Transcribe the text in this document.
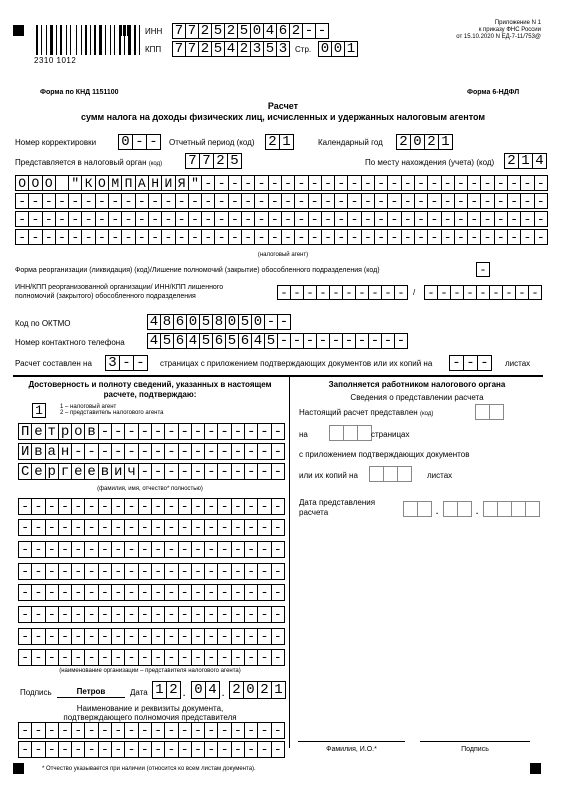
2310 1012
ИНН 7 7 2 5 2 5 0 4 6 2 - -
КПП 7 7 2 5 4 2 3 5 3 Стр. 0 0 1
Приложение N 1
к приказу ФНС России
от 15.10.2020 N ЕД-7-11/753@
Форма по КНД 1151100	Форма 6-НДФЛ
Расчет
сумм налога на доходы физических лиц, исчисленных и удержанных налоговым агентом
Номер корректировки 0 - -	Отчетный период (код) 2 1	Календарный год 2 0 2 1
Представляется в налоговый орган (код) 7 7 2 5	По месту нахождения (учета) (код) 2 1 4
О О О " К О М П А Н И Я " - - - - - - - - - - - - - - - - - - - - - - - - - -
- - - - - - - - - - - - - - - - - - - - - - - - - - - - - - - - - - - - - - - -
- - - - - - - - - - - - - - - - - - - - - - - - - - - - - - - - - - - - - - - -
- - - - - - - - - - - - - - - - - - - - - - - - - - - - - - - - - - - - - - - -
(налоговый агент)
Форма реорганизации (ликвидация) (код)/Лишение полномочий (закрытие) обособленного подразделения (код)	-
ИНН/КПП реорганизованной организации/ ИНН/КПП лишенного полномочий (закрытого) обособленного подразделения	- - - - - - - - - -	/ - - - - - - - - -
Код по ОКТМО	4 8 6 0 5 8 0 5 0 - -
Номер контактного телефона 4 5 6 4 5 6 5 6 4 5 - - - - - - - - - -
Расчет составлен на 3 - -	страницах с приложением подтверждающих документов или их копий на - - -	листах
Достоверность и полноту сведений, указанных в настоящем расчете, подтверждаю:
1	1 – налоговый агент
2 – представитель налогового агента
П е т р о в - - - - - - - - - - - - - -
И в а н - - - - - - - - - - - - - - - -
С е р г е е в и ч - - - - - - - - - - -
(фамилия, имя, отчество* полностью)
- - - - - - - - - - - - - - - - - - - -
- - - - - - - - - - - - - - - - - - - -
- - - - - - - - - - - - - - - - - - - -
- - - - - - - - - - - - - - - - - - - -
- - - - - - - - - - - - - - - - - - - -
- - - - - - - - - - - - - - - - - - - -
- - - - - - - - - - - - - - - - - - - -
- - - - - - - - - - - - - - - - - - - -
(наименование организации – представителя налогового агента)
Подпись	Петров	Дата 1 2 . 0 4 . 2 0 2 1
Наименование и реквизиты документа,
подтверждающего полномочия представителя
- - - - - - - - - - - - - - - - - - - -
- - - - - - - - - - - - - - - - - - - -
Заполняется работником налогового органа
Сведения о представлении расчета
Настоящий расчет представлен (код)
на	страницах
с приложением подтверждающих документов
или их копий на	листах
Дата представления расчета	.	.
Фамилия, И.О.*	Подпись
* Отчество указывается при наличии (относится ко всем листам документа).
